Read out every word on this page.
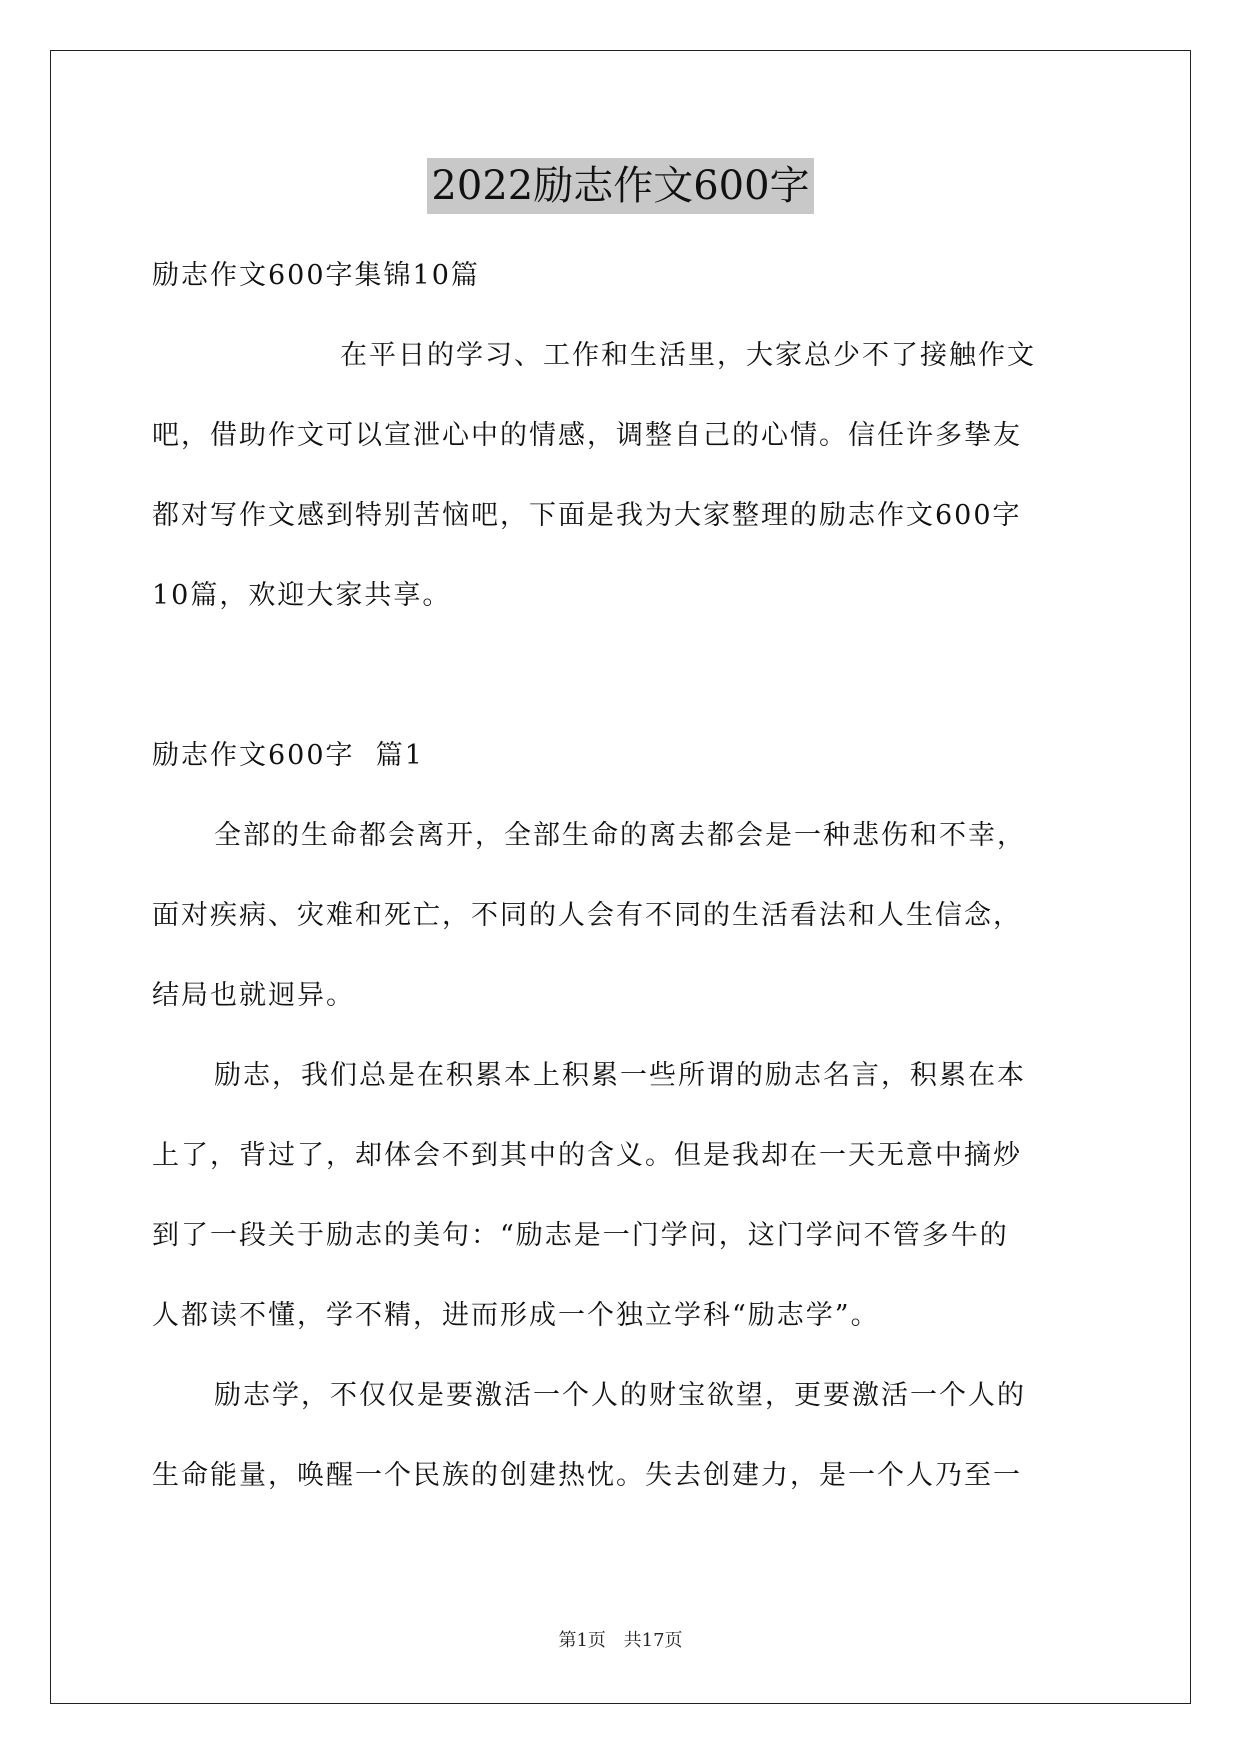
2022励志作文600字
励志作文600字集锦10篇
在平日的学习、工作和生活里，大家总少不了接触作文
吧，借助作文可以宣泄心中的情感，调整自己的心情。信任许多挚友
都对写作文感到特别苦恼吧，下面是我为大家整理的励志作文600字
10篇，欢迎大家共享。
励志作文600字  篇1
全部的生命都会离开，全部生命的离去都会是一种悲伤和不幸，
面对疾病、灾难和死亡，不同的人会有不同的生活看法和人生信念，
结局也就迥异。
励志，我们总是在积累本上积累一些所谓的励志名言，积累在本
上了，背过了，却体会不到其中的含义。但是我却在一天无意中摘炒
到了一段关于励志的美句：“励志是一门学问，这门学问不管多牛的
人都读不懂，学不精，进而形成一个独立学科“励志学”。
励志学，不仅仅是要激活一个人的财宝欲望，更要激活一个人的
生命能量，唤醒一个民族的创建热忱。失去创建力，是一个人乃至一
第1页 共17页
